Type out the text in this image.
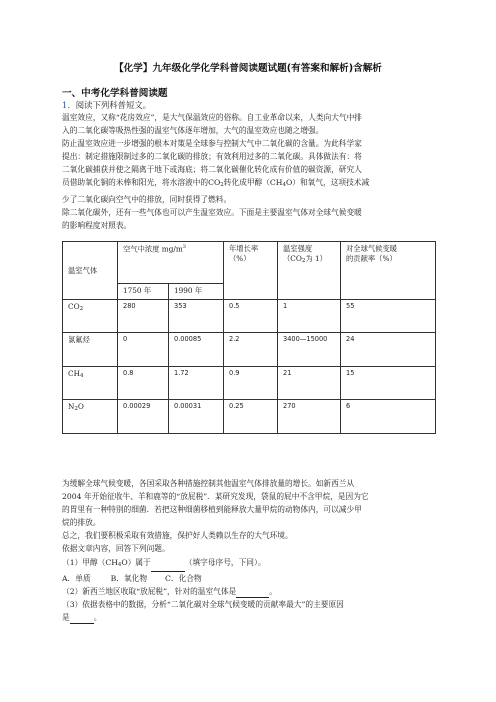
【化学】九年级化学化学科普阅读题试题(有答案和解析)含解析
一、中考化学科普阅读题
1．阅读下列科普短文。
温室效应，又称“花房效应”，是大气保温效应的俗称。自工业革命以来，人类向大气中排
入的二氧化碳等吸热性强的温室气体逐年增加，大气的温室效应也随之增强。
防止温室效应进一步增强的根本对策是全球参与控制大气中二氧化碳的含量。为此科学家
提出：制定措施限制过多的二氧化碳的排放；有效利用过多的二氧化碳。具体做法有：将
二氧化碳捕获并使之隔离于地下或海底；将二氧化碳催化转化成有价值的碳资源，研究人
员借助氧化铜的米棒和阳光，将水溶液中的$CO_2$转化成甲醇$(CH_4O)$和氧气，这项技术减
少了二氧化碳向空气中的排放，同时获得了燃料。
除二氧化碳外，还有一些气体也可以产生温室效应。下面是主要温室气体对全球气候变暖
的影响程度对照表。
温室气体	空气中浓度 $mg/m^3$		年增长率
（%）	温室强度
（$CO_2$为 1）	对全球气候变暖
的贡献率（%）
	1750 年	1990 年			
$CO_2$	280	353	0.5	1	55
氯氟烃	0	0.00085	2.2	3400—15000	24
$CH_4$	0.8	1.72	0.9	21	15
$N_2O$	0.00029	0.00031	0.25	270	6
为缓解全球气候变暖，各国采取各种措施控制其他温室气体排放量的增长。如新西兰从
2004 年开始征收牛、羊和鹿等的“放屁税”．某研究发现，袋鼠的屁中不含甲烷，是因为它
的胃里有一种特别的细菌．若把这种细菌移植到能释放大量甲烷的动物体内，可以减少甲
烷的排放。
总之，我们要积极采取有效措施，保护好人类赖以生存的大气环境。
依据文章内容，回答下列问题。
（1）甲醇$(CH_4O)$属于	（填字母序号，下同）。
A．单质	B．氧化物 C．化合物
（2）新西兰地区收取“放屁税”，针对的温室气体是	。
（3）依据表格中的数据，分析“二氧化碳对全球气候变暖的贡献率最大”的主要原因
是	。
